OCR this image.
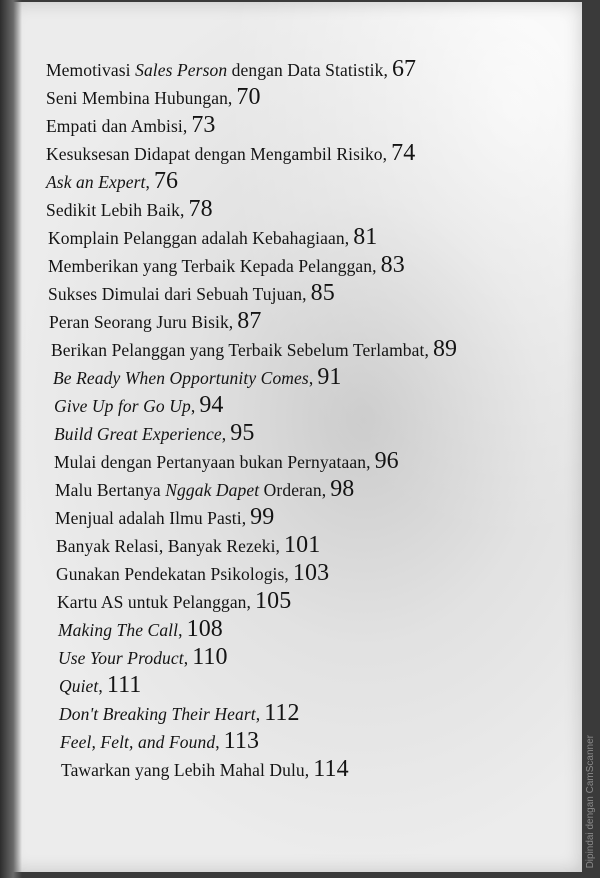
Memotivasi Sales Person dengan Data Statistik, 67
Seni Membina Hubungan, 70
Empati dan Ambisi, 73
Kesuksesan Didapat dengan Mengambil Risiko, 74
Ask an Expert, 76
Sedikit Lebih Baik, 78
Komplain Pelanggan adalah Kebahagiaan, 81
Memberikan yang Terbaik Kepada Pelanggan, 83
Sukses Dimulai dari Sebuah Tujuan, 85
Peran Seorang Juru Bisik, 87
Berikan Pelanggan yang Terbaik Sebelum Terlambat, 89
Be Ready When Opportunity Comes, 91
Give Up for Go Up, 94
Build Great Experience, 95
Mulai dengan Pertanyaan bukan Pernyataan, 96
Malu Bertanya Nggak Dapet Orderan, 98
Menjual adalah Ilmu Pasti, 99
Banyak Relasi, Banyak Rezeki, 101
Gunakan Pendekatan Psikologis, 103
Kartu AS untuk Pelanggan, 105
Making The Call, 108
Use Your Product, 110
Quiet, 111
Don't Breaking Their Heart, 112
Feel, Felt, and Found, 113
Tawarkan yang Lebih Mahal Dulu, 114	Dipindai dengan CamScanner
